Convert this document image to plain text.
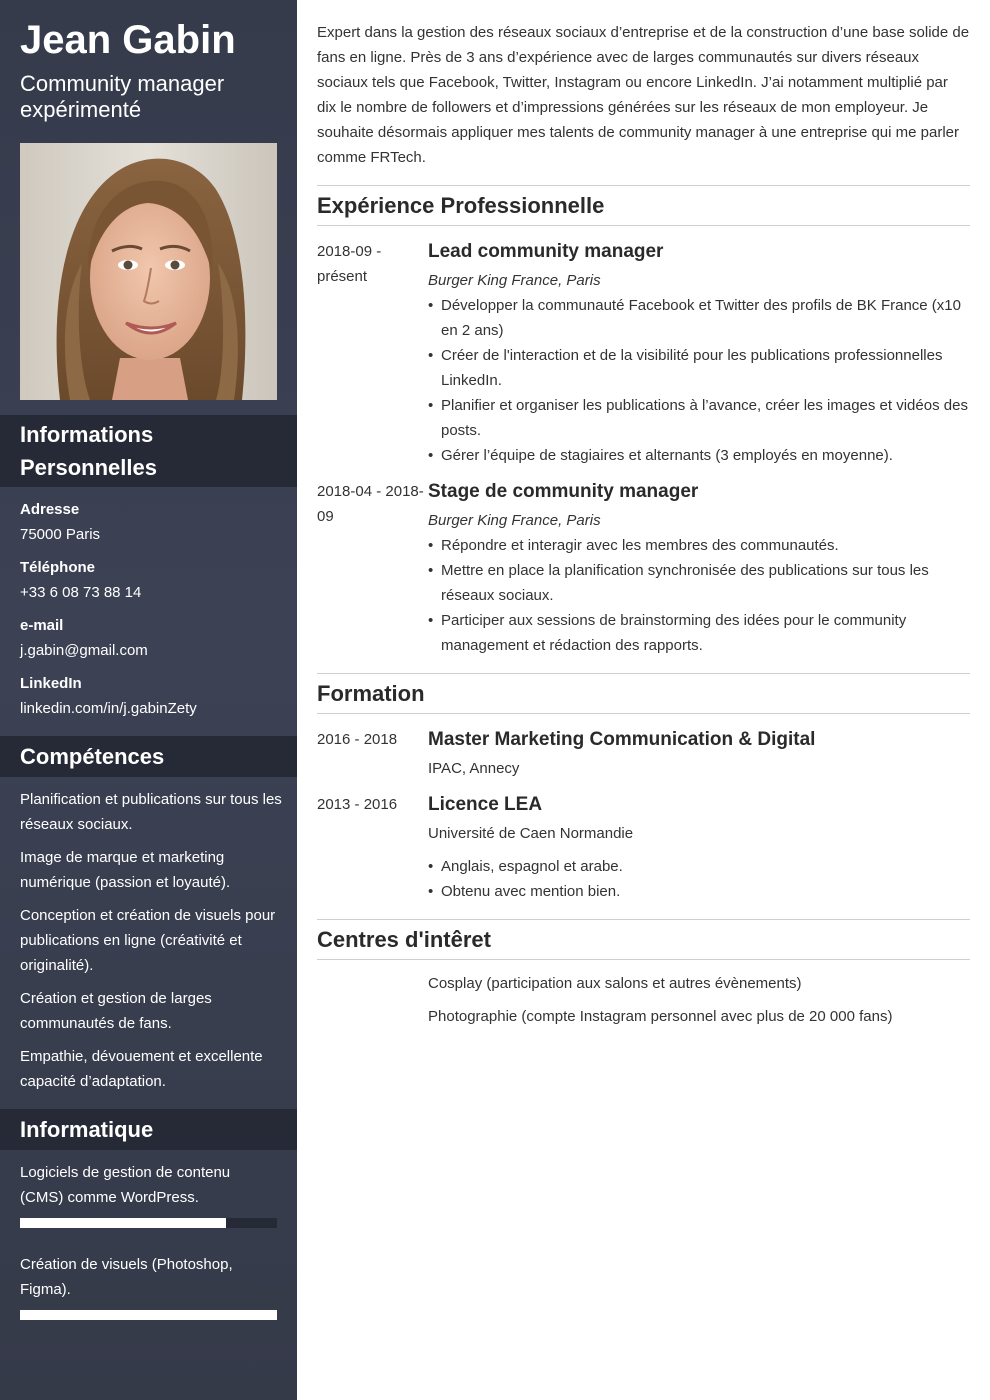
Jean Gabin
Community manager expérimenté
Informations Personnelles
Adresse
75000 Paris
Téléphone
+33 6 08 73 88 14
e-mail
j.gabin@gmail.com
LinkedIn
linkedin.com/in/j.gabinZety
Compétences
Planification et publications sur tous les réseaux sociaux.
Image de marque et marketing numérique (passion et loyauté).
Conception et création de visuels pour publications en ligne (créativité et originalité).
Création et gestion de larges communautés de fans.
Empathie, dévouement et excellente capacité d’adaptation.
Informatique
Logiciels de gestion de contenu (CMS) comme WordPress.
Création de visuels (Photoshop, Figma).

Expert dans la gestion des réseaux sociaux d’entreprise et de la construction d’une base solide de fans en ligne. Près de 3 ans d’expérience avec de larges communautés sur divers réseaux sociaux tels que Facebook, Twitter, Instagram ou encore LinkedIn. J’ai notamment multiplié par dix le nombre de followers et d’impressions générées sur les réseaux de mon employeur. Je souhaite désormais appliquer mes talents de community manager à une entreprise qui me parler comme FRTech.

Expérience Professionnelle
2018-09 - présent
Lead community manager
Burger King France, Paris
• Développer la communauté Facebook et Twitter des profils de BK France (x10 en 2 ans)
• Créer de l'interaction et de la visibilité pour les publications professionnelles LinkedIn.
• Planifier et organiser les publications à l’avance, créer les images et vidéos des posts.
• Gérer l’équipe de stagiaires et alternants (3 employés en moyenne).
2018-04 - 2018-09
Stage de community manager
Burger King France, Paris
• Répondre et interagir avec les membres des communautés.
• Mettre en place la planification synchronisée des publications sur tous les réseaux sociaux.
• Participer aux sessions de brainstorming des idées pour le community management et rédaction des rapports.
Formation
2016 - 2018	Master Marketing Communication & Digital
IPAC, Annecy
2013 - 2016	Licence LEA
Université de Caen Normandie
• Anglais, espagnol et arabe.
• Obtenu avec mention bien.
Centres d'intêret
Cosplay (participation aux salons et autres évènements)
Photographie (compte Instagram personnel avec plus de 20 000 fans)
